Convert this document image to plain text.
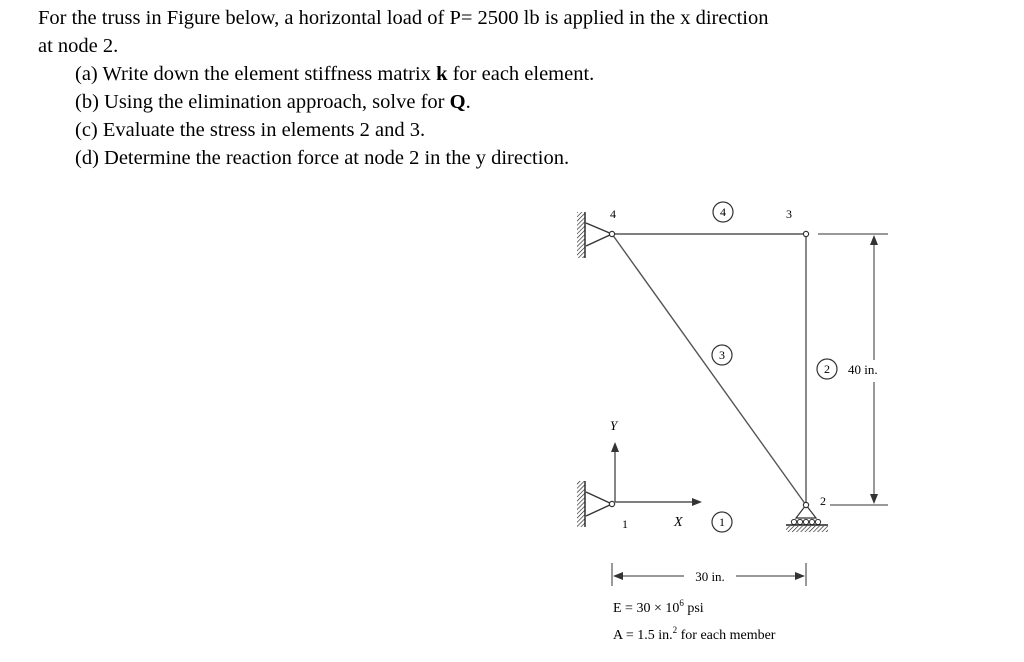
For the truss in Figure below, a horizontal load of P= 2500 lb is applied in the x direction

at node 2.

(a) Write down the element stiffness matrix k for each element.

(b) Using the elimination approach, solve for Q.

(c) Evaluate the stress in elements 2 and 3.

(d) Determine the reaction force at node 2 in the y direction.

4	3
1
2
4
3
2
1
Y
X
40 in.
30 in.
$E = 30 \times 10^6$ psi
A = 1.5 in.$^2$ for each member
